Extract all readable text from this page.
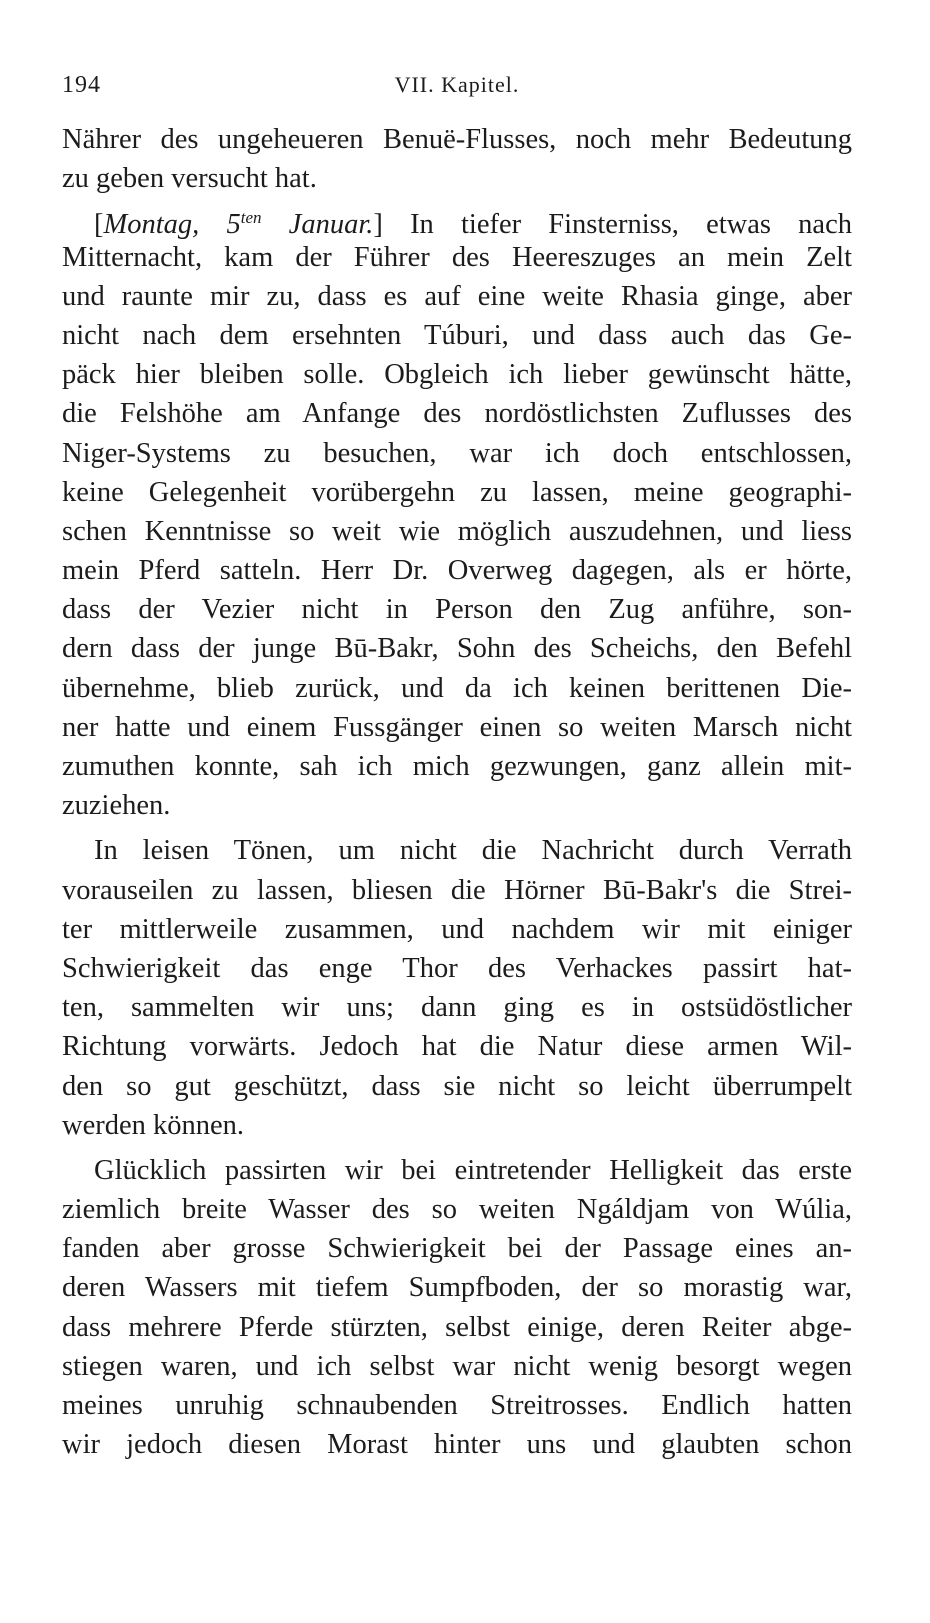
194	VII. Kapitel.
Nährer des ungeheueren Benuë-Flusses, noch mehr Bedeutung
zu geben versucht hat.
[Montag, $5^{ten}$ Januar.] In tiefer Finsterniss, etwas nach
Mitternacht, kam der Führer des Heereszuges an mein Zelt
und raunte mir zu, dass es auf eine weite Rhasia ginge, aber
nicht nach dem ersehnten Túburi, und dass auch das Ge-
päck hier bleiben solle. Obgleich ich lieber gewünscht hätte,
die Felshöhe am Anfange des nordöstlichsten Zuflusses des
Niger-Systems zu besuchen, war ich doch entschlossen,
keine Gelegenheit vorübergehn zu lassen, meine geographi-
schen Kenntnisse so weit wie möglich auszudehnen, und liess
mein Pferd satteln. Herr Dr. Overweg dagegen, als er hörte,
dass der Vezier nicht in Person den Zug anführe, son-
dern dass der junge Bū-Bakr, Sohn des Scheichs, den Befehl
übernehme, blieb zurück, und da ich keinen berittenen Die-
ner hatte und einem Fussgänger einen so weiten Marsch nicht
zumuthen konnte, sah ich mich gezwungen, ganz allein mit-
zuziehen.
In leisen Tönen, um nicht die Nachricht durch Verrath
vorauseilen zu lassen, bliesen die Hörner Bū-Bakr's die Strei-
ter mittlerweile zusammen, und nachdem wir mit einiger
Schwierigkeit das enge Thor des Verhackes passirt hat-
ten, sammelten wir uns; dann ging es in ostsüdöstlicher
Richtung vorwärts. Jedoch hat die Natur diese armen Wil-
den so gut geschützt, dass sie nicht so leicht überrumpelt
werden können.
Glücklich passirten wir bei eintretender Helligkeit das erste
ziemlich breite Wasser des so weiten Ngáldjam von Wúlia,
fanden aber grosse Schwierigkeit bei der Passage eines an-
deren Wassers mit tiefem Sumpfboden, der so morastig war,
dass mehrere Pferde stürzten, selbst einige, deren Reiter abge-
stiegen waren, und ich selbst war nicht wenig besorgt wegen
meines unruhig schnaubenden Streitrosses. Endlich hatten
wir jedoch diesen Morast hinter uns und glaubten schon
